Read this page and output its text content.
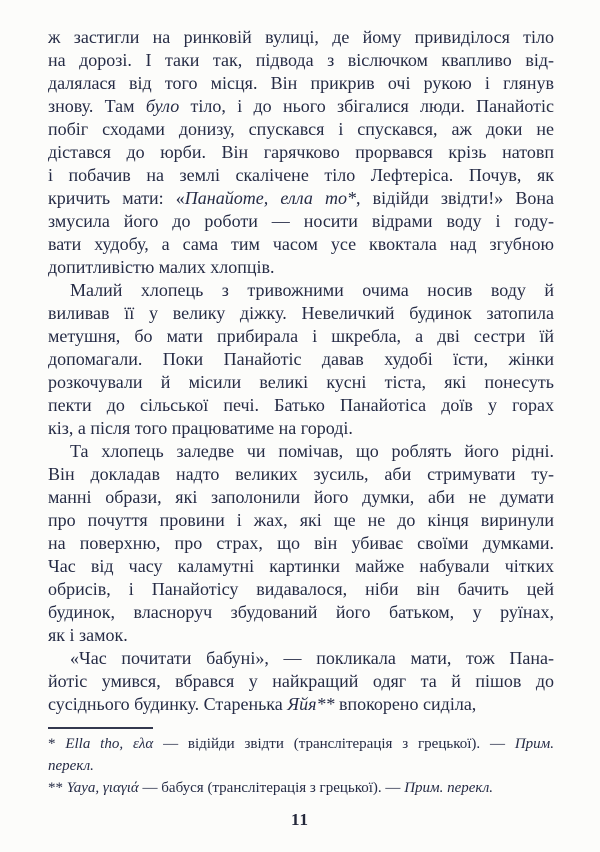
ж застигли на ринковій вулиці, де йому привиділося тіло
на дорозі. І таки так, підвода з віслючком квапливо від-
далялася від того місця. Він прикрив очі рукою і глянув
знову. Там було тіло, і до нього збігалися люди. Панайотіс
побіг сходами донизу, спускався і спускався, аж доки не
дістався до юрби. Він гарячково прорвався крізь натовп
і побачив на землі скалічене тіло Лефтеріса. Почув, як
кричить мати: «Панайоте, елла то*, відійди звідти!» Вона
змусила його до роботи — носити відрами воду і году-
вати худобу, а сама тим часом усе квоктала над згубною
допитливістю малих хлопців.
Малий хлопець з тривожними очима носив воду й
виливав її у велику діжку. Невеличкий будинок затопила
метушня, бо мати прибирала і шкребла, а дві сестри їй
допомагали. Поки Панайотіс давав худобі їсти, жінки
розкочували й місили великі кусні тіста, які понесуть
пекти до сільської печі. Батько Панайотіса доїв у горах
кіз, а після того працюватиме на городі.
Та хлопець заледве чи помічав, що роблять його рідні.
Він докладав надто великих зусиль, аби стримувати ту-
манні образи, які заполонили його думки, аби не думати
про почуття провини і жах, які ще не до кінця виринули
на поверхню, про страх, що він убиває своїми думками.
Час від часу каламутні картинки майже набували чітких
обрисів, і Панайотісу видавалося, ніби він бачить цей
будинок, власноруч збудований його батьком, у руїнах,
як і замок.
«Час почитати бабуні», — покликала мати, тож Пана-
йотіс умився, вбрався у найкращий одяг та й пішов до
сусіднього будинку. Старенька Яйя** впокорено сиділа,
* Ella tho, ελα — відійди звідти (транслітерація з грецької). — Прим.
перекл.
** Yaya, γιαγιά — бабуся (транслітерація з грецької). — Прим. перекл.
11
